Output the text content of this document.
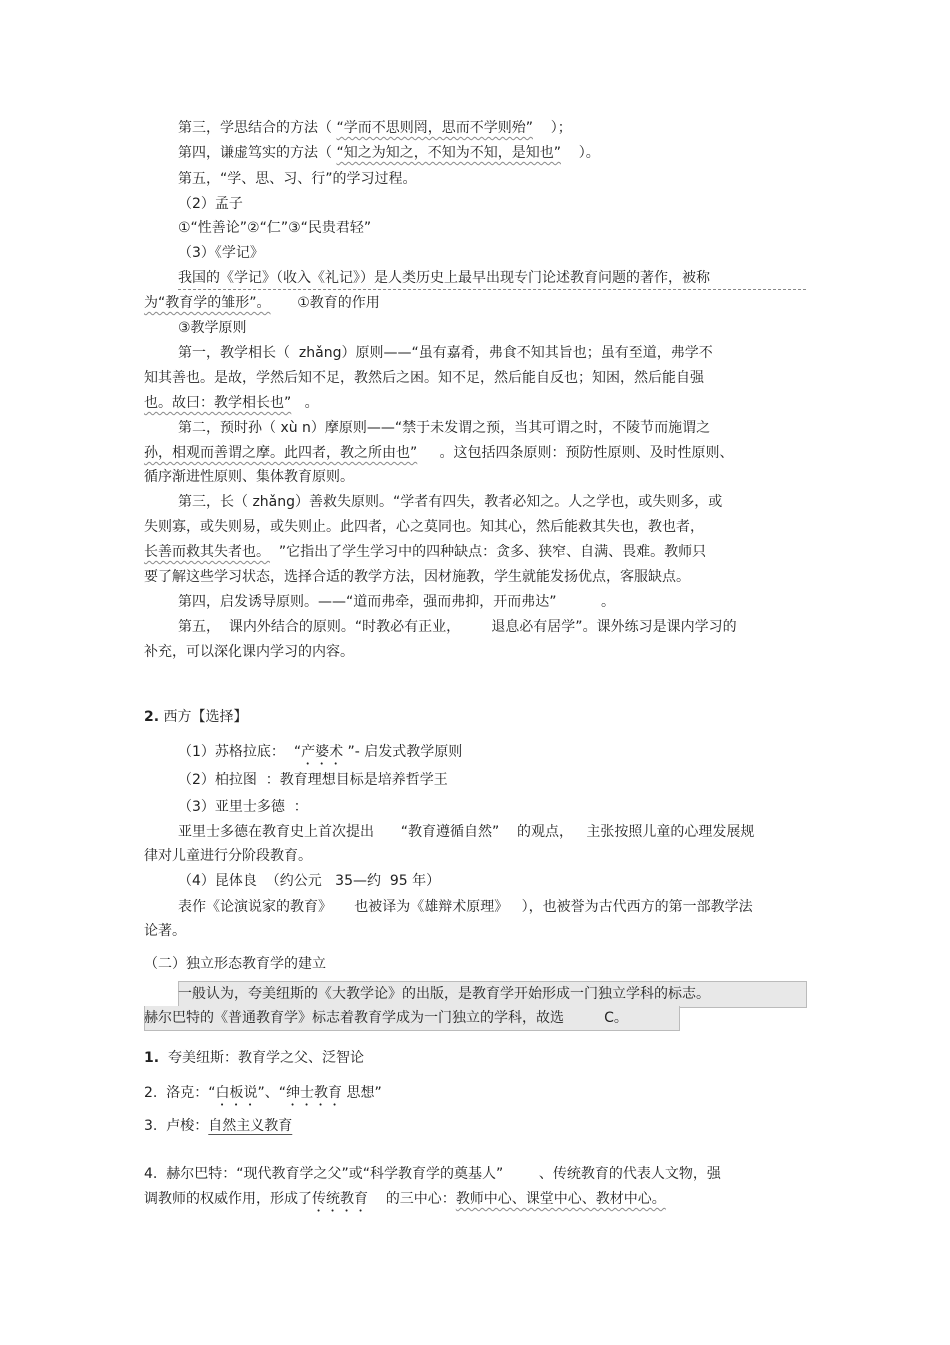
第三，学思结合的方法（ “学而不思则罔，思而不学则殆” ）；
第四，谦虚笃实的方法（ “知之为知之，不知为不知，是知也” ）。
第五，“学、思、习、行”的学习过程。
（2）孟子
①“性善论”②“仁”③“民贵君轻”
（3）《学记》
我国的《学记》（收入《礼记》）是人类历史上最早出现专门论述教育问题的著作，被称
为“教育学的雏形”。 ①教育的作用
③教学原则
第一，教学相长（  zhǎng）原则——“虽有嘉肴，弗食不知其旨也；虽有至道，弗学不
知其善也。是故，学然后知不足，教然后之困。知不足，然后能自反也；知困，然后能自强
也。故曰：教学相长也” 。
第二，预时孙（ xù n）摩原则——“禁于未发谓之预，当其可谓之时，不陵节而施谓之
孙，相观而善谓之摩。此四者，教之所由也” 。这包括四条原则：预防性原则、及时性原则、
循序渐进性原则、集体教育原则。
第三，长（ zhǎng）善救失原则。“学者有四失，教者必知之。人之学也，或失则多，或
失则寡，或失则易，或失则止。此四者，心之莫同也。知其心，然后能救其失也，教也者，
长善而救其失者也。 ”它指出了学生学习中的四种缺点：贪多、狭窄、自满、畏难。教师只
要了解这些学习状态，选择合适的教学方法，因材施教，学生就能发扬优点，客服缺点。
第四，启发诱导原则。——“道而弗牵，强而弗抑，开而弗达”	。
第五，  课内外结合的原则。“时教必有正业， 退息必有居学”。课外练习是课内学习的
补充，可以深化课内学习的内容。
2. 西方【选择】
（1）苏格拉底： “产婆术 ”- 启发式教学原则
（2）柏拉图  ：教育理想目标是培养哲学王
（3）亚里士多德  ：
亚里士多德在教育史上首次提出 “教育遵循自然” 的观点， 主张按照儿童的心理发展规
律对儿童进行分阶段教育。
（4）昆体良  （约公元   35—约  95 年）
表作《论演说家的教育》 也被译为《雄辩术原理》 ），也被誉为古代西方的第一部教学法
论著。
（二）独立形态教育学的建立
一般认为，夸美纽斯的《大教学论》的出版，是教育学开始形成一门独立学科的标志。
赫尔巴特的《普通教育学》标志着教育学成为一门独立的学科，故选	C。
1. 夸美纽斯：教育学之父、泛智论
2.  洛克：“白板说”、“绅士教育 思想”
3.  卢梭：自然主义教育
4.  赫尔巴特：“现代教育学之父”或“科学教育学的奠基人”	、传统教育的代表人文物，强
调教师的权威作用，形成了传统教育 的三中心：教师中心、课堂中心、教材中心。
